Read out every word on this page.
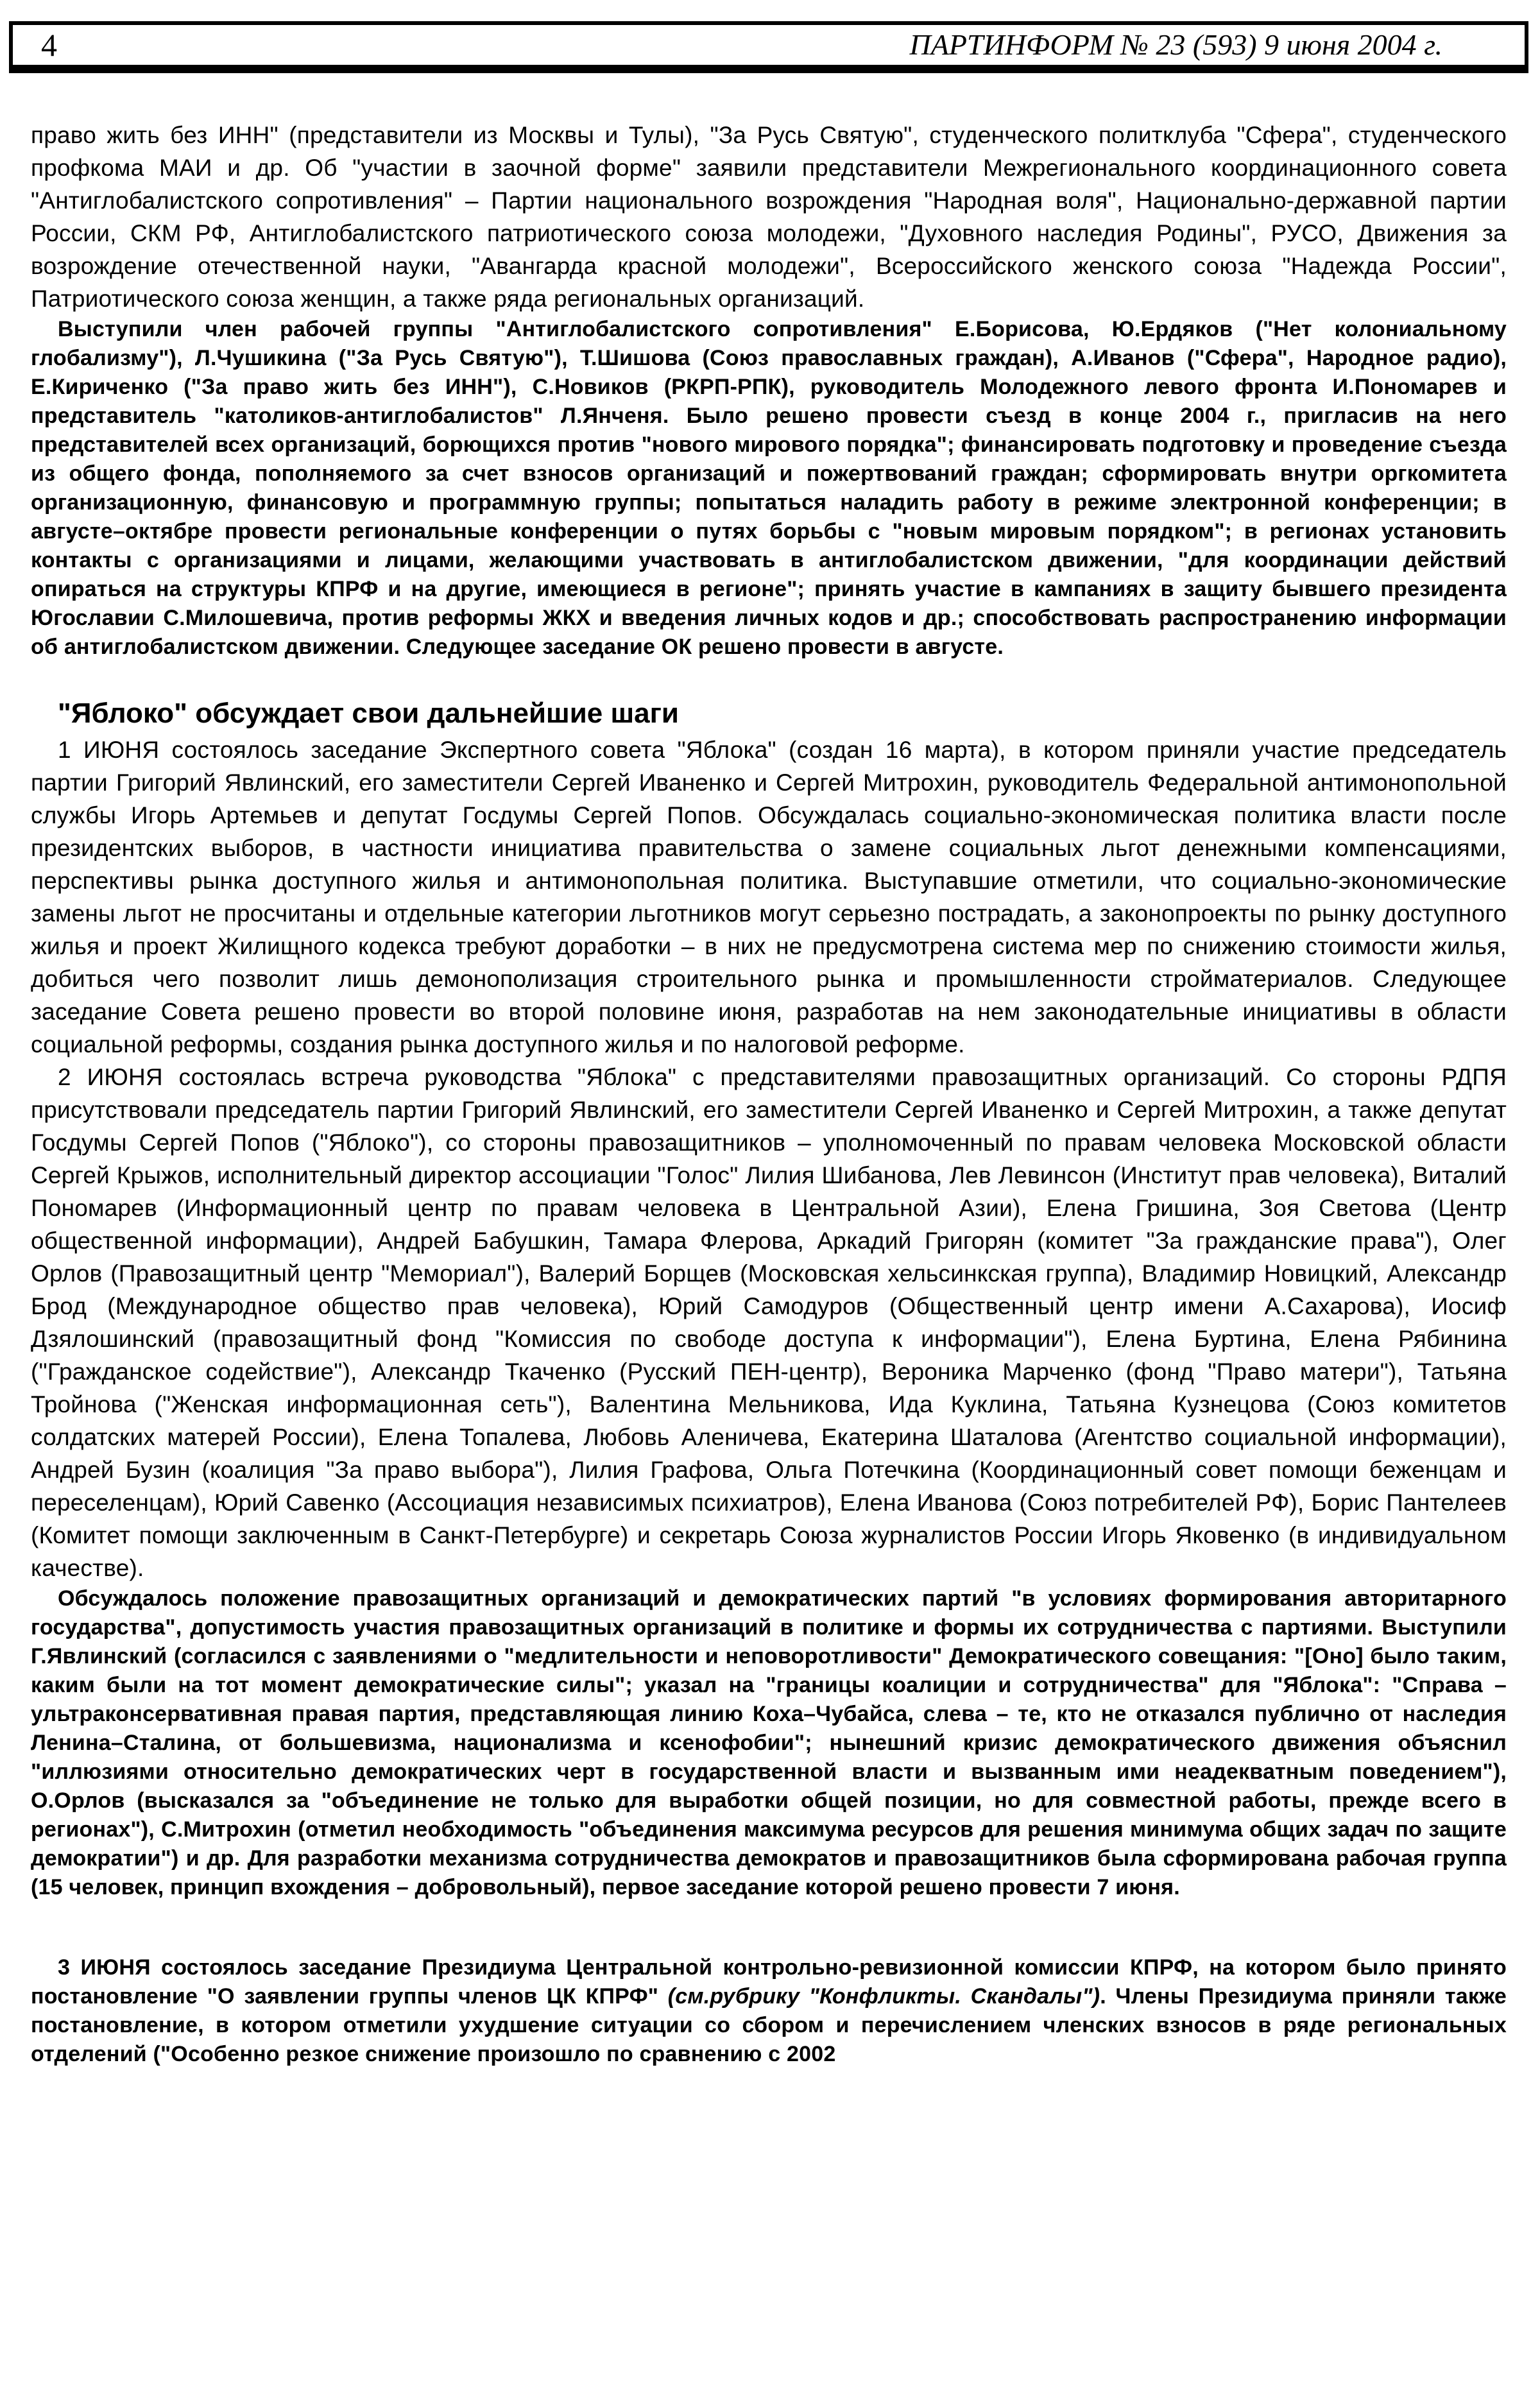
4	ПАРТИНФОРМ № 23 (593) 9 июня 2004 г.

право жить без ИНН" (представители из Москвы и Тулы), "За Русь Святую", студенческого политклуба "Сфера", студенческого профкома МАИ и др. Об "участии в заочной форме" заявили представители Межрегионального координационного совета "Антиглобалистского сопротивления" – Партии национального возрождения "Народная воля", Национально-державной партии России, СКМ РФ, Антиглобалистского патриотического союза молодежи, "Духовного наследия Родины", РУСО, Движения за возрождение отечественной науки, "Авангарда красной молодежи", Всероссийского женского союза "Надежда России", Патриотического союза женщин, а также ряда региональных организаций.

Выступили член рабочей группы "Антиглобалистского сопротивления" Е.Борисова, Ю.Ердяков ("Нет колониальному глобализму"), Л.Чушикина ("За Русь Святую"), Т.Шишова (Союз православных граждан), А.Иванов ("Сфера", Народное радио), Е.Кириченко ("За право жить без ИНН"), С.Новиков (РКРП-РПК), руководитель Молодежного левого фронта И.Пономарев и представитель "католиков-антиглобалистов" Л.Янченя. Было решено провести съезд в конце 2004 г., пригласив на него представителей всех организаций, борющихся против "нового мирового порядка"; финансировать подготовку и проведение съезда из общего фонда, пополняемого за счет взносов организаций и пожертвований граждан; сформировать внутри оргкомитета организационную, финансовую и программную группы; попытаться наладить работу в режиме электронной конференции; в августе–октябре провести региональные конференции о путях борьбы с "новым мировым порядком"; в регионах установить контакты с организациями и лицами, желающими участвовать в антиглобалистском движении, "для координации действий опираться на структуры КПРФ и на другие, имеющиеся в регионе"; принять участие в кампаниях в защиту бывшего президента Югославии С.Милошевича, против реформы ЖКХ и введения личных кодов и др.; способствовать распространению информации об антиглобалистском движении. Следующее заседание ОК решено провести в августе.

"Яблоко" обсуждает свои дальнейшие шаги

1 ИЮНЯ состоялось заседание Экспертного совета "Яблока" (создан 16 марта), в котором приняли участие председатель партии Григорий Явлинский, его заместители Сергей Иваненко и Сергей Митрохин, руководитель Федеральной антимонопольной службы Игорь Артемьев и депутат Госдумы Сергей Попов. Обсуждалась социально-экономическая политика власти после президентских выборов, в частности инициатива правительства о замене социальных льгот денежными компенсациями, перспективы рынка доступного жилья и антимонопольная политика. Выступавшие отметили, что социально-экономические замены льгот не просчитаны и отдельные категории льготников могут серьезно пострадать, а законопроекты по рынку доступного жилья и проект Жилищного кодекса требуют доработки – в них не предусмотрена система мер по снижению стоимости жилья, добиться чего позволит лишь демонополизация строительного рынка и промышленности стройматериалов. Следующее заседание Совета решено провести во второй половине июня, разработав на нем законодательные инициативы в области социальной реформы, создания рынка доступного жилья и по налоговой реформе.

2 ИЮНЯ состоялась встреча руководства "Яблока" с представителями правозащитных организаций. Со стороны РДПЯ присутствовали председатель партии Григорий Явлинский, его заместители Сергей Иваненко и Сергей Митрохин, а также депутат Госдумы Сергей Попов ("Яблоко"), со стороны правозащитников – уполномоченный по правам человека Московской области Сергей Крыжов, исполнительный директор ассоциации "Голос" Лилия Шибанова, Лев Левинсон (Институт прав человека), Виталий Пономарев (Информационный центр по правам человека в Центральной Азии), Елена Гришина, Зоя Светова (Центр общественной информации), Андрей Бабушкин, Тамара Флерова, Аркадий Григорян (комитет "За гражданские права"), Олег Орлов (Правозащитный центр "Мемориал"), Валерий Борщев (Московская хельсинкская группа), Владимир Новицкий, Александр Брод (Международное общество прав человека), Юрий Самодуров (Общественный центр имени А.Сахарова), Иосиф Дзялошинский (правозащитный фонд "Комиссия по свободе доступа к информации"), Елена Буртина, Елена Рябинина ("Гражданское содействие"), Александр Ткаченко (Русский ПЕН-центр), Вероника Марченко (фонд "Право матери"), Татьяна Тройнова ("Женская информационная сеть"), Валентина Мельникова, Ида Куклина, Татьяна Кузнецова (Союз комитетов солдатских матерей России), Елена Топалева, Любовь Аленичева, Екатерина Шаталова (Агентство социальной информации), Андрей Бузин (коалиция "За право выбора"), Лилия Графова, Ольга Потечкина (Координационный совет помощи беженцам и переселенцам), Юрий Савенко (Ассоциация независимых психиатров), Елена Иванова (Союз потребителей РФ), Борис Пантелеев (Комитет помощи заключенным в Санкт-Петербурге) и секретарь Союза журналистов России Игорь Яковенко (в индивидуальном качестве).

Обсуждалось положение правозащитных организаций и демократических партий "в условиях формирования авторитарного государства", допустимость участия правозащитных организаций в политике и формы их сотрудничества с партиями. Выступили Г.Явлинский (согласился с заявлениями о "медлительности и неповоротливости" Демократического совещания: "[Оно] было таким, каким были на тот момент демократические силы"; указал на "границы коалиции и сотрудничества" для "Яблока": "Справа – ультраконсервативная правая партия, представляющая линию Коха–Чубайса, слева – те, кто не отказался публично от наследия Ленина–Сталина, от большевизма, национализма и ксенофобии"; нынешний кризис демократического движения объяснил "иллюзиями относительно демократических черт в государственной власти и вызванным ими неадекватным поведением"), О.Орлов (высказался за "объединение не только для выработки общей позиции, но для совместной работы, прежде всего в регионах"), С.Митрохин (отметил необходимость "объединения максимума ресурсов для решения минимума общих задач по защите демократии") и др. Для разработки механизма сотрудничества демократов и правозащитников была сформирована рабочая группа (15 человек, принцип вхождения – добровольный), первое заседание которой решено провести 7 июня.

3 ИЮНЯ состоялось заседание Президиума Центральной контрольно-ревизионной комиссии КПРФ, на котором было принято постановление "О заявлении группы членов ЦК КПРФ" (см.рубрику "Конфликты. Скандалы"). Члены Президиума приняли также постановление, в котором отметили ухудшение ситуации со сбором и перечислением членских взносов в ряде региональных отделений ("Особенно резкое снижение произошло по сравнению с 2002
